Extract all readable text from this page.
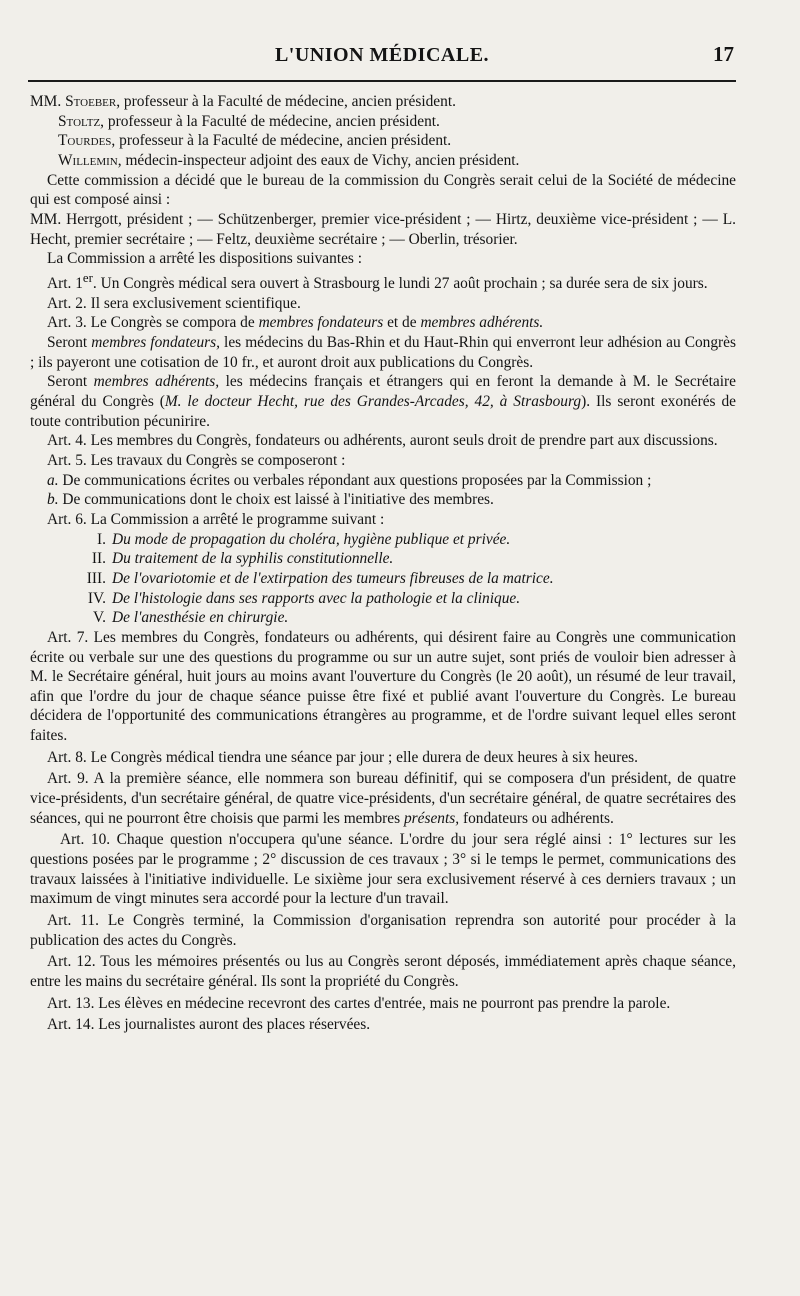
L'UNION MÉDICALE.	17

MM. Stoeber, professeur à la Faculté de médecine, ancien président.

Stoltz, professeur à la Faculté de médecine, ancien président.

Tourdes, professeur à la Faculté de médecine, ancien président.

Willemin, médecin-inspecteur adjoint des eaux de Vichy, ancien président.

Cette commission a décidé que le bureau de la commission du Congrès serait celui de la Société de médecine qui est composé ainsi :

MM. Herrgott, président ; — Schützenberger, premier vice-président ; — Hirtz, deuxième vice-président ; — L. Hecht, premier secrétaire ; — Feltz, deuxième secrétaire ; — Oberlin, trésorier.

La Commission a arrêté les dispositions suivantes :

Art. 1er. Un Congrès médical sera ouvert à Strasbourg le lundi 27 août prochain ; sa durée sera de six jours.

Art. 2. Il sera exclusivement scientifique.

Art. 3. Le Congrès se compora de membres fondateurs et de membres adhérents.

Seront membres fondateurs, les médecins du Bas-Rhin et du Haut-Rhin qui enverront leur adhésion au Congrès ; ils payeront une cotisation de 10 fr., et auront droit aux publications du Congrès.

Seront membres adhérents, les médecins français et étrangers qui en feront la demande à M. le Secrétaire général du Congrès (M. le docteur Hecht, rue des Grandes-Arcades, 42, à Strasbourg). Ils seront exonérés de toute contribution pécunirire.

Art. 4. Les membres du Congrès, fondateurs ou adhérents, auront seuls droit de prendre part aux discussions.

Art. 5. Les travaux du Congrès se composeront :

a. De communications écrites ou verbales répondant aux questions proposées par la Commission ;

b. De communications dont le choix est laissé à l'initiative des membres.

Art. 6. La Commission a arrêté le programme suivant :

I. Du mode de propagation du choléra, hygiène publique et privée.
II. Du traitement de la syphilis constitutionnelle.
III. De l'ovariotomie et de l'extirpation des tumeurs fibreuses de la matrice.
IV. De l'histologie dans ses rapports avec la pathologie et la clinique.
V. De l'anesthésie en chirurgie.

Art. 7. Les membres du Congrès, fondateurs ou adhérents, qui désirent faire au Congrès une communication écrite ou verbale sur une des questions du programme ou sur un autre sujet, sont priés de vouloir bien adresser à M. le Secrétaire général, huit jours au moins avant l'ouverture du Congrès (le 20 août), un résumé de leur travail, afin que l'ordre du jour de chaque séance puisse être fixé et publié avant l'ouverture du Congrès. Le bureau décidera de l'opportunité des communications étrangères au programme, et de l'ordre suivant lequel elles seront faites.

Art. 8. Le Congrès médical tiendra une séance par jour ; elle durera de deux heures à six heures.

Art. 9. A la première séance, elle nommera son bureau définitif, qui se composera d'un président, de quatre vice-présidents, d'un secrétaire général, de quatre vice-présidents, d'un secrétaire général, de quatre secrétaires des séances, qui ne pourront être choisis que parmi les membres présents, fondateurs ou adhérents.

Art. 10. Chaque question n'occupera qu'une séance. L'ordre du jour sera réglé ainsi : 1° lectures sur les questions posées par le programme ; 2° discussion de ces travaux ; 3° si le temps le permet, communications des travaux laissées à l'initiative individuelle. Le sixième jour sera exclusivement réservé à ces derniers travaux ; un maximum de vingt minutes sera accordé pour la lecture d'un travail.

Art. 11. Le Congrès terminé, la Commission d'organisation reprendra son autorité pour procéder à la publication des actes du Congrès.

Art. 12. Tous les mémoires présentés ou lus au Congrès seront déposés, immédiatement après chaque séance, entre les mains du secrétaire général. Ils sont la propriété du Congrès.

Art. 13. Les élèves en médecine recevront des cartes d'entrée, mais ne pourront pas prendre la parole.

Art. 14. Les journalistes auront des places réservées.
